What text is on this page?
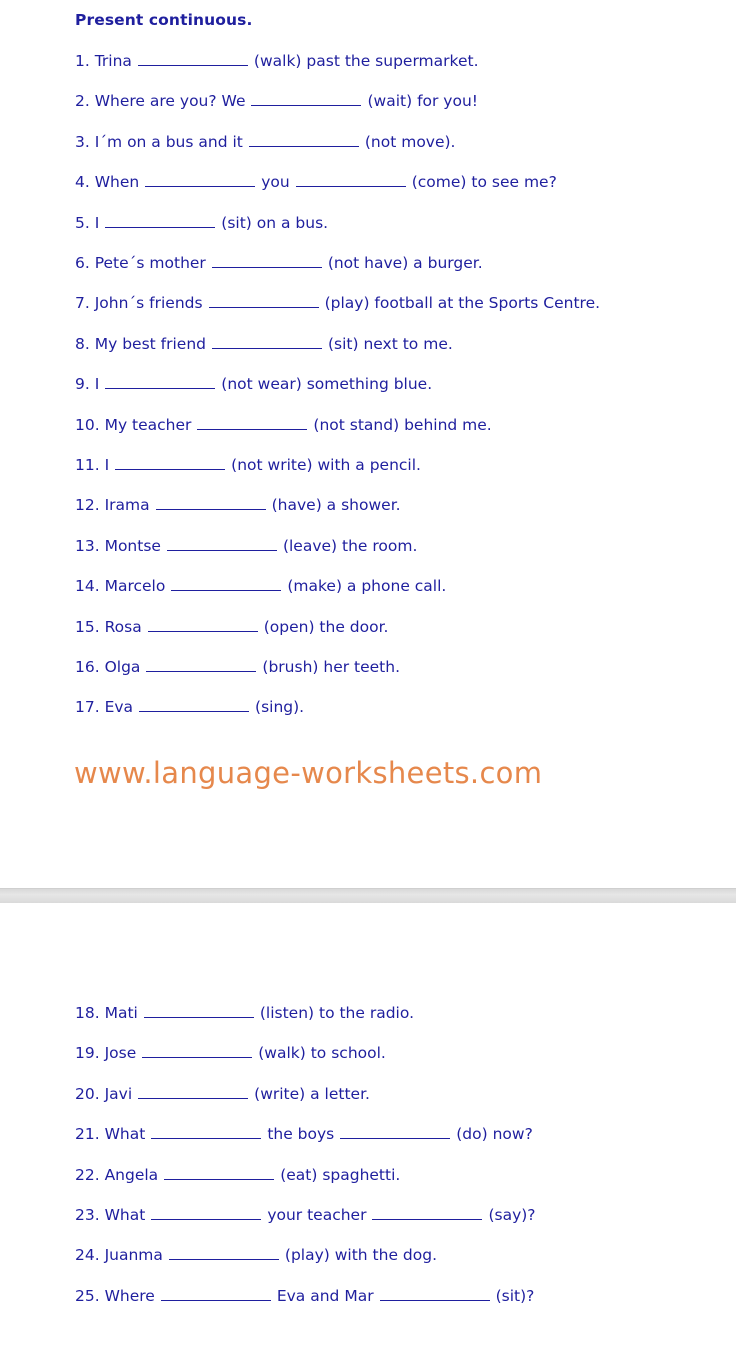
Present continuous.
1. Trina	(walk) past the supermarket.
2. Where are you? We	(wait) for you!
3. I´m on a bus and it	(not move).
4. When	you	(come) to see me?
5. I	(sit) on a bus.
6. Pete´s mother	(not have) a burger.
7. John´s friends	(play) football at the Sports Centre.
8. My best friend	(sit) next to me.
9. I	(not wear) something blue.
10. My teacher	(not stand) behind me.
11. I	(not write) with a pencil.
12. Irama	(have) a shower.
13. Montse	(leave) the room.
14. Marcelo	(make) a phone call.
15. Rosa	(open) the door.
16. Olga	(brush) her teeth.
17. Eva	(sing).
www.language-worksheets.com
18. Mati	(listen) to the radio.
19. Jose	(walk) to school.
20. Javi	(write) a letter.
21. What	the boys	(do) now?
22. Angela	(eat) spaghetti.
23. What	your teacher	(say)?
24. Juanma	(play) with the dog.
25. Where	Eva and Mar	(sit)?
